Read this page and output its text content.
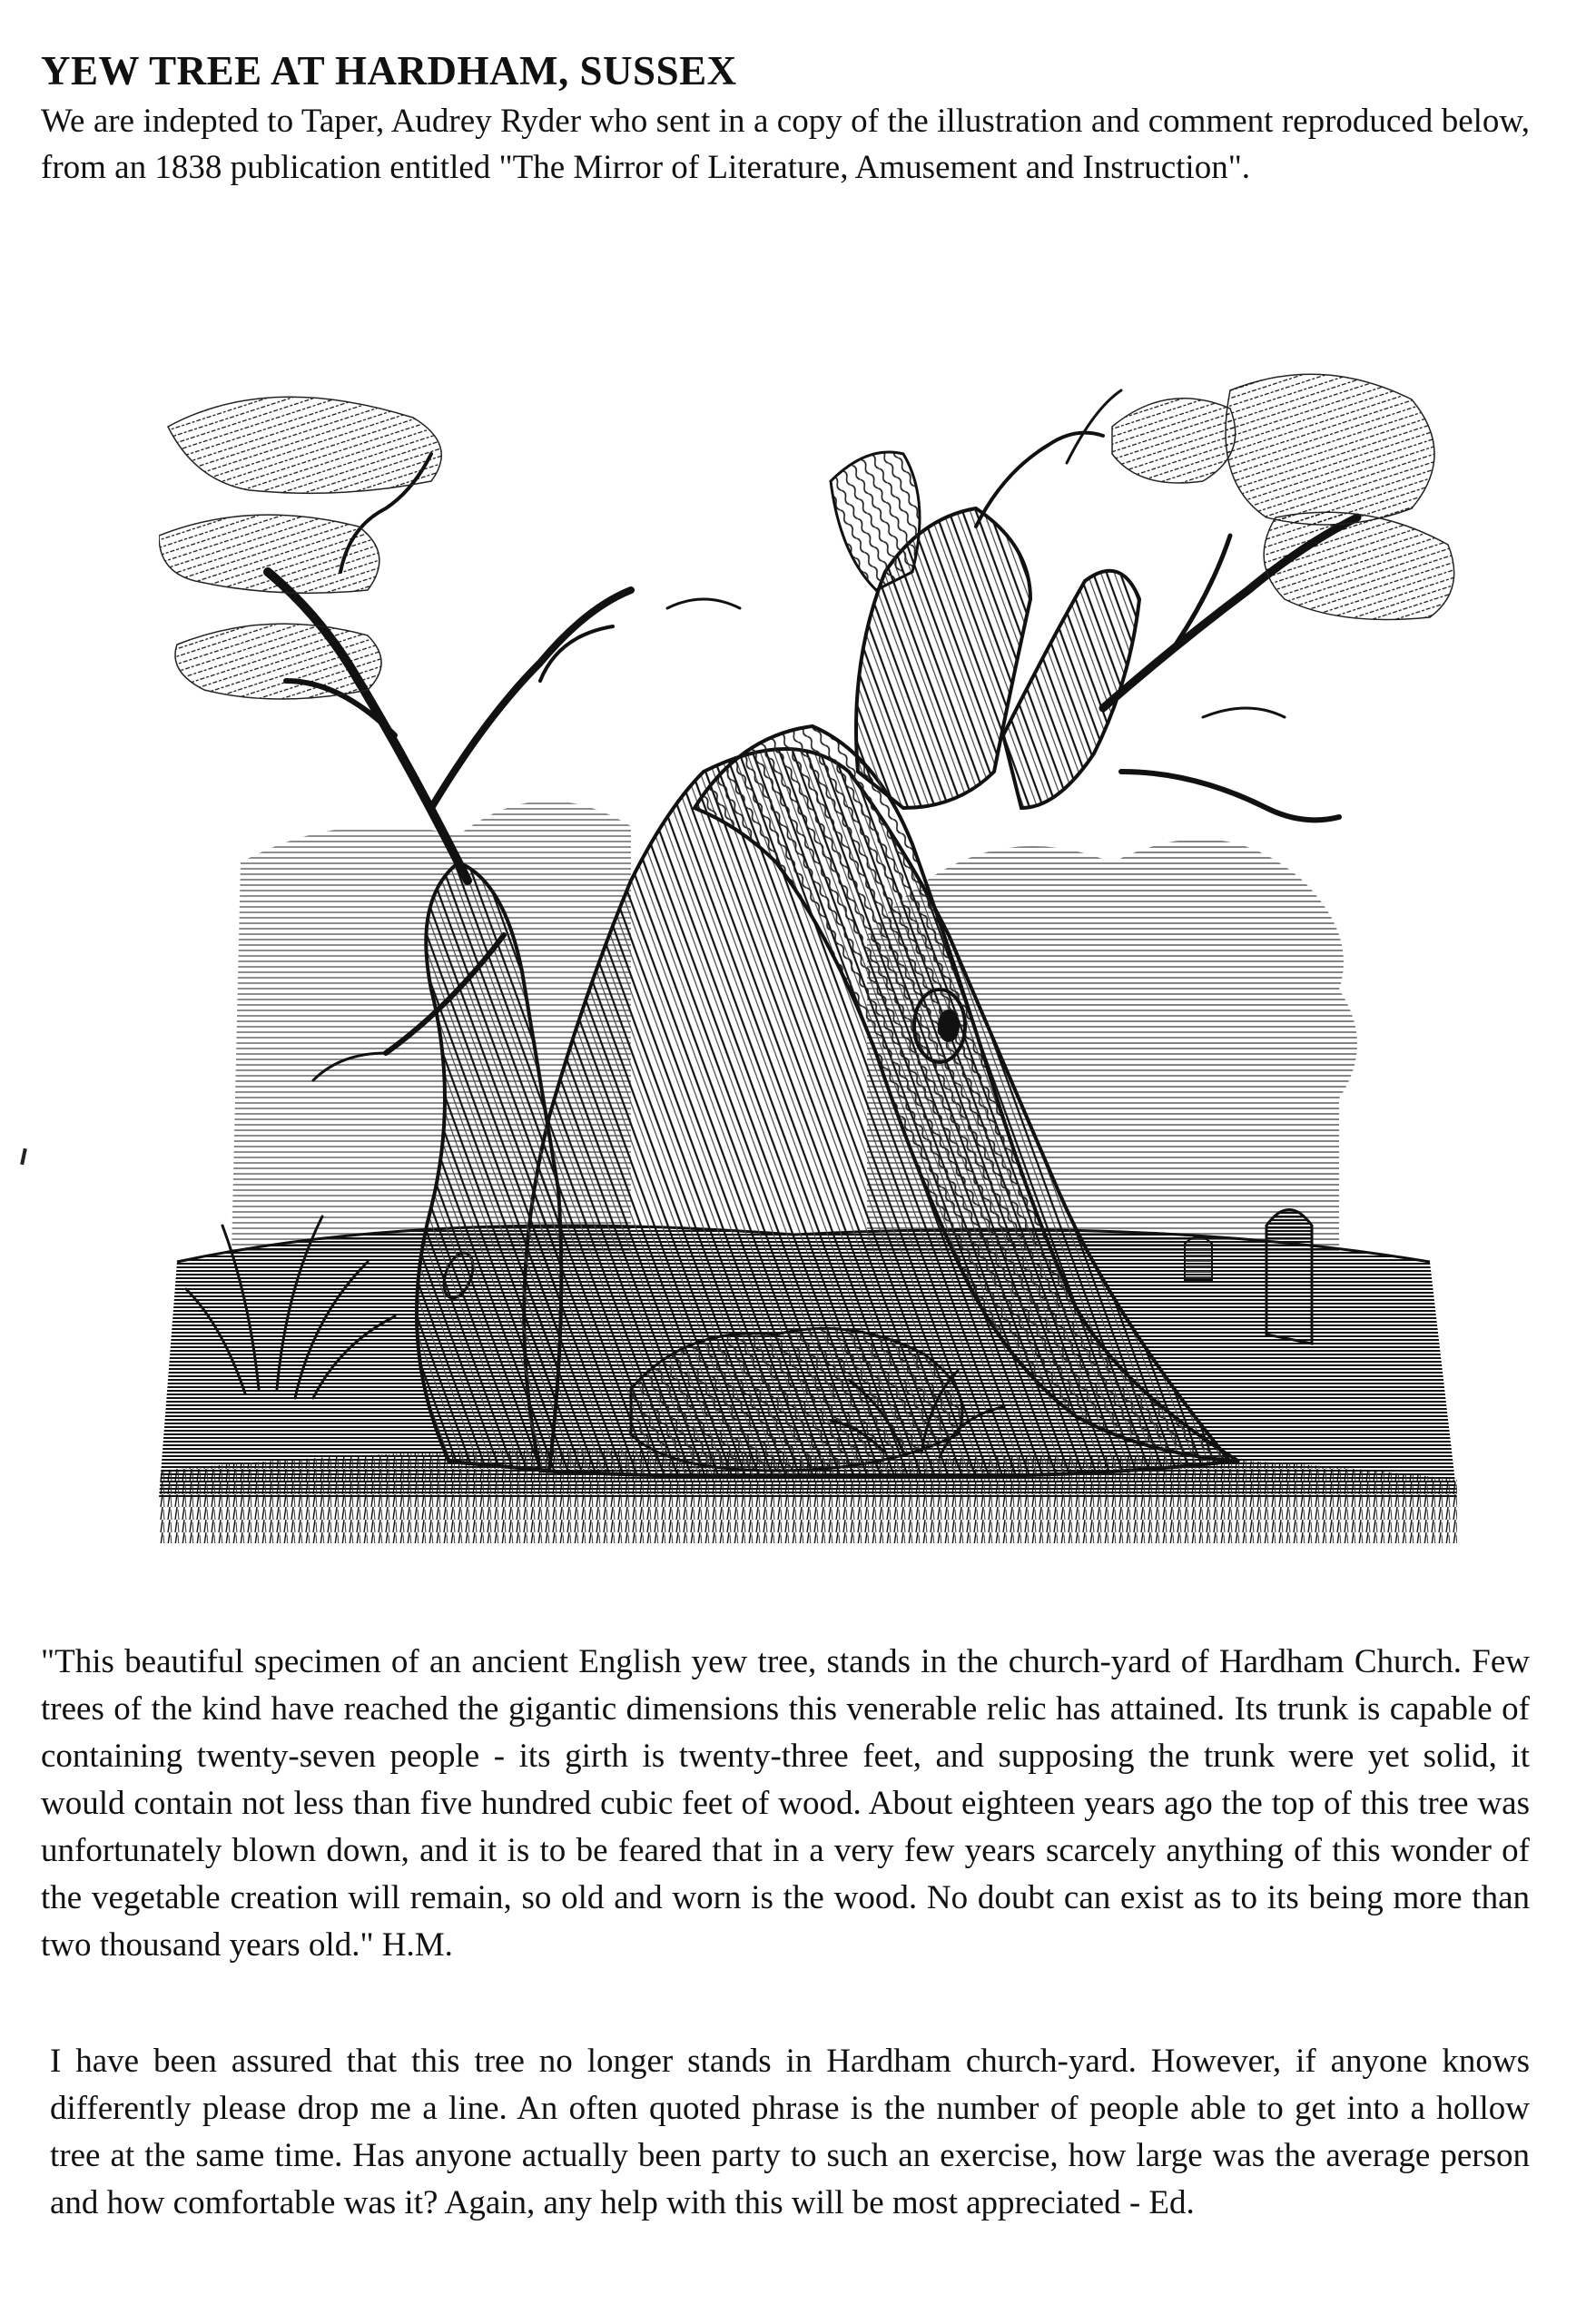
YEW TREE AT HARDHAM, SUSSEX

We are indepted to Taper, Audrey Ryder who sent in a copy of the illustration and comment reproduced below, from an 1838 publication entitled "The Mirror of Literature, Amusement and Instruction".

"This beautiful specimen of an ancient English yew tree, stands in the church-yard of Hardham Church. Few trees of the kind have reached the gigantic dimensions this venerable relic has attained. Its trunk is capable of containing twenty-seven people - its girth is twenty-three feet, and supposing the trunk were yet solid, it would contain not less than five hundred cubic feet of wood. About eighteen years ago the top of this tree was unfortunately blown down, and it is to be feared that in a very few years scarcely anything of this wonder of the vegetable creation will remain, so old and worn is the wood. No doubt can exist as to its being more than two thousand years old." H.M.

I have been assured that this tree no longer stands in Hardham church-yard. However, if anyone knows differently please drop me a line. An often quoted phrase is the number of people able to get into a hollow tree at the same time. Has anyone actually been party to such an exercise, how large was the average person and how comfortable was it? Again, any help with this will be most appreciated - Ed.
